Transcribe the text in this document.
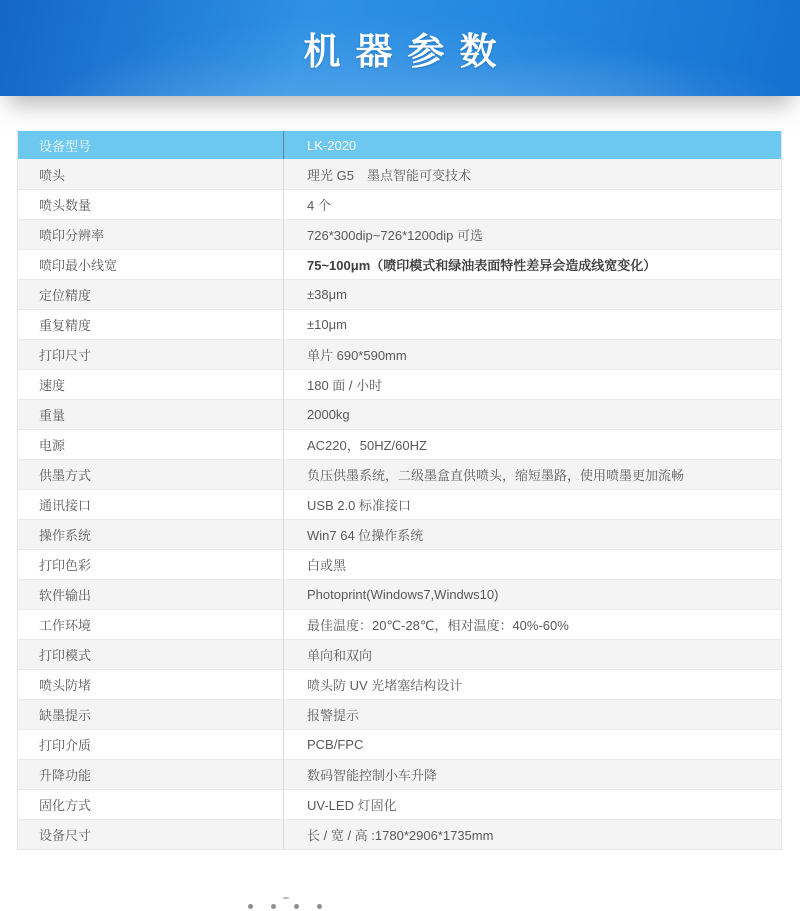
机器参数
设备型号	LK-2020
喷头	理光 G5　墨点智能可变技术
喷头数量	4 个
喷印分辨率	726*300dip~726*1200dip 可选
喷印最小线宽	75~100μm（喷印模式和绿油表面特性差异会造成线宽变化）
定位精度	±38μm
重复精度	±10μm
打印尺寸	单片 690*590mm
速度	180 面 / 小时
重量	2000kg
电源	AC220，50HZ/60HZ
供墨方式	负压供墨系统，二级墨盒直供喷头，缩短墨路，使用喷墨更加流畅
通讯接口	USB 2.0 标准接口
操作系统	Win7 64 位操作系统
打印色彩	白或黑
软件输出	Photoprint(Windows7,Windws10)
工作环境	最佳温度：20℃-28℃，相对温度：40%-60%
打印模式	单向和双向
喷头防堵	喷头防 UV 光堵塞结构设计
缺墨提示	报警提示
打印介质	PCB/FPC
升降功能	数码智能控制小车升降
固化方式	UV-LED 灯固化
设备尺寸	长 / 宽 / 高 :1780*2906*1735mm
